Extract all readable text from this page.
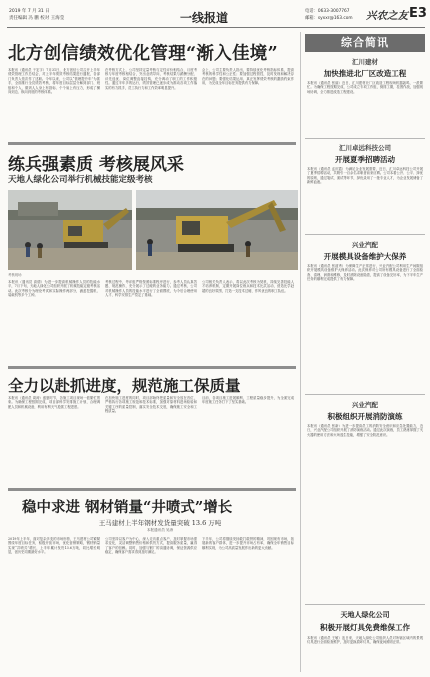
2019 年 7 月 31 日
责任编辑 冯 鹏 校对 王海莹	一线报道	电话：0633-3007767
邮箱：syxxr@163.com 兴农之友 E3
北方创信绩效优化管理“渐入佳境”
本报讯（通讯员 于宏宇）7月31日，北方创信公司召开上半年绩效管理工作总结会，对上半年绩效考核结果进行通报，各部门负责人依次作了述职。今年以来，公司以“管理提升年”为抓手，全面推行全员绩效考核，将年度目标层层分解到部门、班组和个人，做到人人身上有指标、个个肩上有压力，形成了横向到边、纵向到底的考核体系。
在考核方式上，公司坚持定量考核与定性评价相结合，月度考核与年度考核相结合，突出业绩导向，考核结果与薪酬分配、评先选优、岗位调整直接挂钩，充分调动了职工的工作积极性。通过半年多的运行，绩效管理已逐步成为推动各项工作落实的有力抓手，员工执行力和工作效率明显提升。
会上，公司主要负责人指出，要持续优化考核指标体系，提高考核的科学性和公正性；要加强过程管控，及时发现和解决存在的问题；要强化结果运用，真正发挥绩效考核的激励约束作用，为完成全年目标任务提供有力保障。
练兵强素质 考核展风采
天地人绿化公司举行机械技能定级考核
考核现场
本报讯（通讯员 高德）为进一步提高机械操作人员的技能水平，7月下旬，天地人绿化公司组织开展了机械技能定级考核活动。此次考核分为理论考试和实际操作两部分，涵盖挖掘机、装载机等多个工种。
考核过程中，考评组严格按照标准程序进行，参考人员认真答题、规范操作，充分展示了过硬的业务能力。通过考核，公司对机械操作人员的技能水平进行了全面摸底，为今后合理使用人才、科学安排生产奠定了基础。
公司相关负责人表示，将以此次考核为契机，持续完善技能人才培养机制，定期开展岗位练兵和技术比武活动，营造比学赶超的良好氛围，打造一支技术过硬、作风优良的职工队伍。
全力以赴抓进度，规范施工保质量
本报讯（通讯员 周涛）盛夏时节，各施工项目现场一派繁忙景象。为确保工程按期完成，项目部科学安排施工计划，合理调配人员和机械设备，利用有利天气抢抓工程进度。
在加快施工进度的同时，项目部始终把质量和安全放在首位，严格执行各项施工规范和技术标准，加强对原材料进场检验和关键工序的质量控制，落实安全技术交底，确保施工安全和工程质量。
目前，各项目施工进展顺利，工程质量稳步提升，为全面完成年度施工任务打下了坚实基础。
稳中求进 钢材销量“井喷式”增长
王马建材上半年钢材发货量突破 13.6 万吨
本报通讯员 吴涛
2019年上半年，面对复杂多变的市场形势，王马建材公司紧紧围绕年度目标任务，积极开拓市场，优化营销策略，钢材销量实现“井喷式”增长，上半年累计发货13.6万吨，同比增长明显，创历史同期最好水平。
公司坚持以客户为中心，深入走访重点客户，及时掌握市场需求变化，灵活调整销售价格和供货方式，提高服务质量，赢得了客户的信赖。同时，加强与钢厂的沟通协调，保证资源供应稳定，确保客户需求得到及时满足。
下半年，公司将继续发扬敢打敢拼的精神，巩固现有市场，拓展新的客户群体，进一步提升市场占有率，确保全年销售目标顺利实现，为公司高质量发展作出新的更大贡献。
综合简讯
汇川建材
加快推进北厂区改造工程
本报讯（通讯员 张丽）近日，汇川建材北厂区改造工程现场机器轰鸣，一派繁忙。为确保工程按期完成，公司成立专项工作组，倒排工期，挂图作战，加强现场协调，全力推进改造工程建设。
汇川卓远科技公司
开展夏季招聘活动
本报讯（通讯员 孟庆霞）为满足企业发展需要，近日，汇川卓远科技公司开展了夏季招聘活动，共吸引一百余名求职者前来应聘。公司本着公开、公平、择优的原则，通过笔试、面试等环节，择优录用了一批专业人才，为企业发展储备了新鲜血液。
兴业汽配
开展模具设备维护大保养
本报讯（通讯员 张道秀）为保障生产正常进行，兴业汽配公司利用生产间隙组织开展模具设备维护大保养活动。此次保养对公司所有模具设备进行了全面检查、清理、润滑和维修，及时消除设备隐患，提高了设备完好率，为下半年生产任务的顺利完成提供了有力保障。
兴业汽配
积极组织开展消防演练
本报讯（通讯员 张新）为进一步提高员工的消防安全意识和应急处置能力，近日，兴业汽配公司组织开展了消防演练活动。通过此次演练，员工熟练掌握了灭火器的使用方法和火场逃生技能，增强了安全防范意识。
天地人绿化公司
积极开展灯具免费维保工作
本报讯（通讯员 王敏）连日来，天地人绿化公司组织人员对所辖区域内的景观灯具进行全面检查维护，及时更换损坏灯具，确保夜间照明正常。
